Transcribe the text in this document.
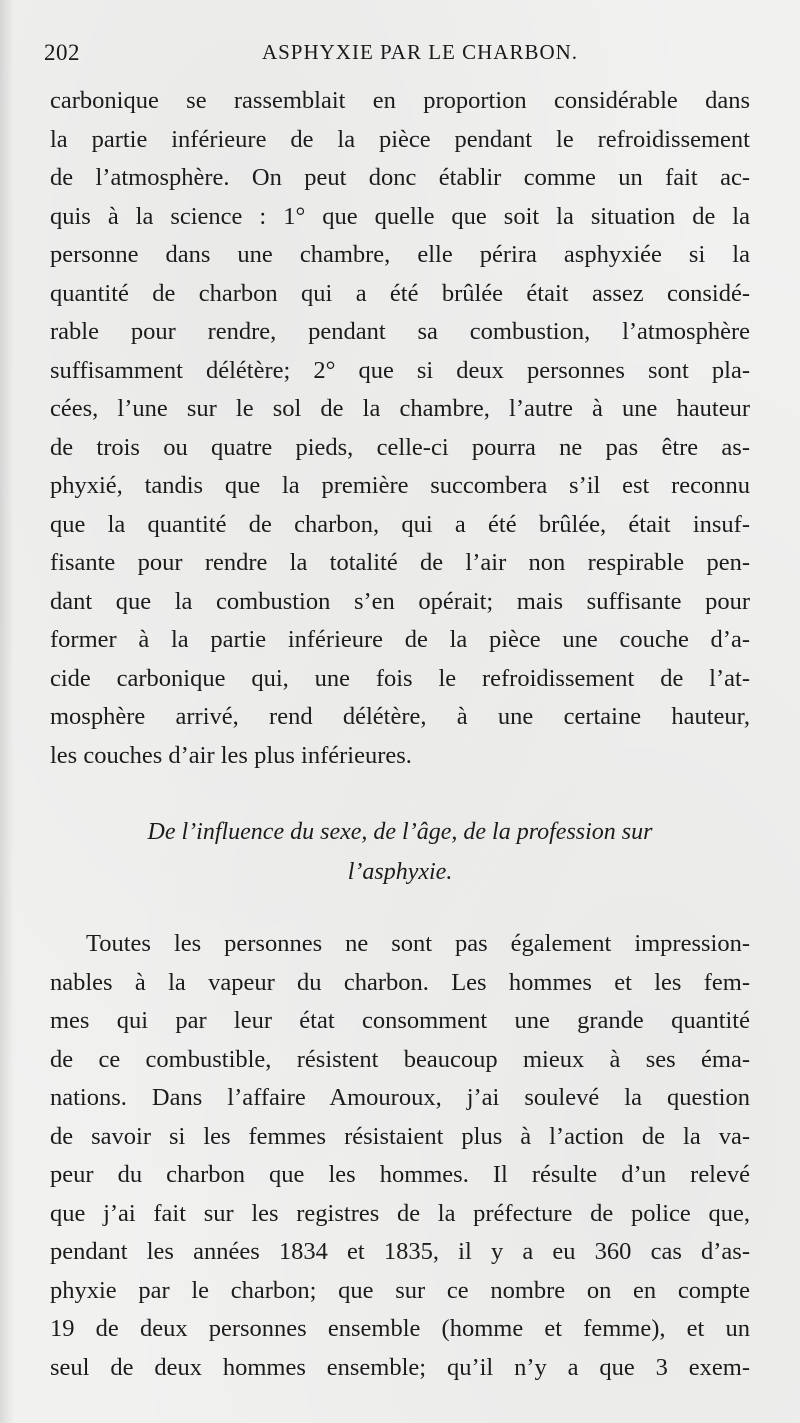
202	ASPHYXIE PAR LE CHARBON.
carbonique se rassemblait en proportion considérable dans
la partie inférieure de la pièce pendant le refroidissement
de l’atmosphère. On peut donc établir comme un fait ac-
quis à la science : 1° que quelle que soit la situation de la
personne dans une chambre, elle périra asphyxiée si la
quantité de charbon qui a été brûlée était assez considé-
rable pour rendre, pendant sa combustion, l’atmosphère
suffisamment délétère; 2° que si deux personnes sont pla-
cées, l’une sur le sol de la chambre, l’autre à une hauteur
de trois ou quatre pieds, celle-ci pourra ne pas être as-
phyxié, tandis que la première succombera s’il est reconnu
que la quantité de charbon, qui a été brûlée, était insuf-
fisante pour rendre la totalité de l’air non respirable pen-
dant que la combustion s’en opérait; mais suffisante pour
former à la partie inférieure de la pièce une couche d’a-
cide carbonique qui, une fois le refroidissement de l’at-
mosphère arrivé, rend délétère, à une certaine hauteur,
les couches d’air les plus inférieures.
De l’influence du sexe, de l’âge, de la profession sur
l’asphyxie.
Toutes les personnes ne sont pas également impression-
nables à la vapeur du charbon. Les hommes et les fem-
mes qui par leur état consomment une grande quantité
de ce combustible, résistent beaucoup mieux à ses éma-
nations. Dans l’affaire Amouroux, j’ai soulevé la question
de savoir si les femmes résistaient plus à l’action de la va-
peur du charbon que les hommes. Il résulte d’un relevé
que j’ai fait sur les registres de la préfecture de police que,
pendant les années 1834 et 1835, il y a eu 360 cas d’as-
phyxie par le charbon; que sur ce nombre on en compte
19 de deux personnes ensemble (homme et femme), et un
seul de deux hommes ensemble; qu’il n’y a que 3 exem-
